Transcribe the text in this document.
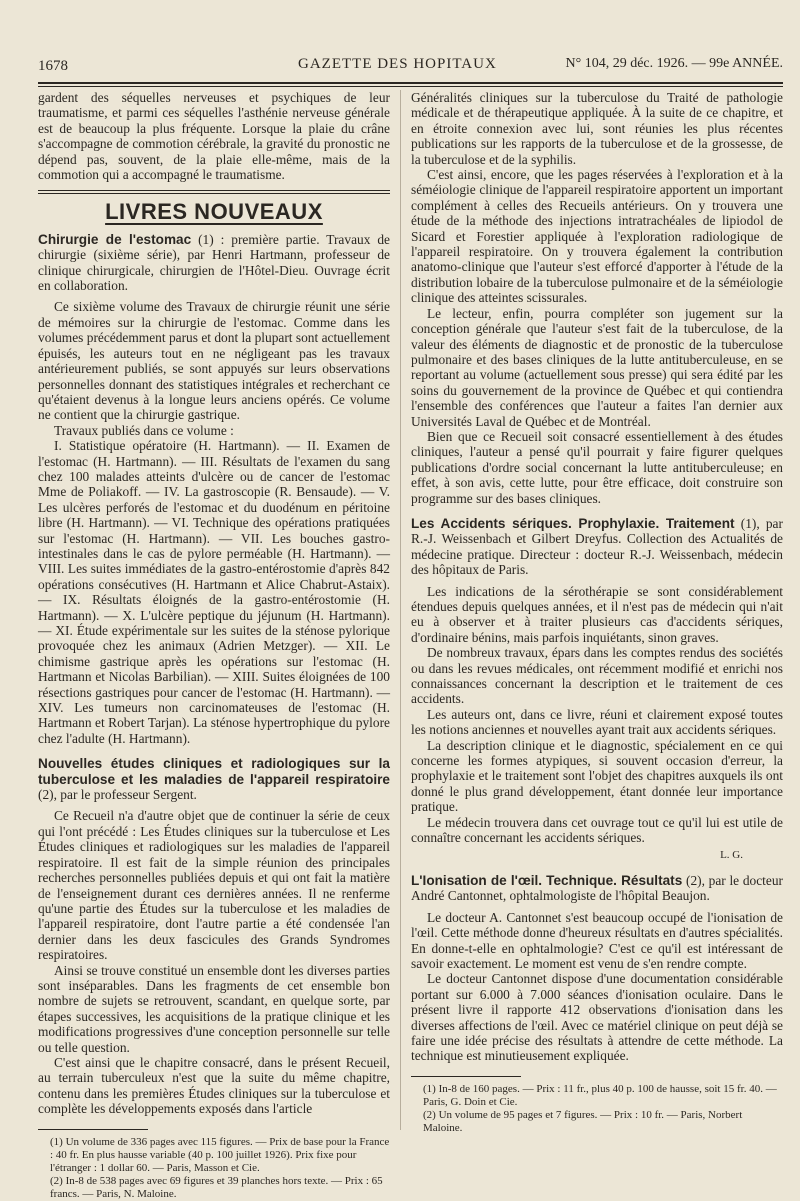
1678	GAZETTE DES HOPITAUX	N° 104, 29 déc. 1926. — 99e ANNÉE.

gardent des séquelles nerveuses et psychiques de leur traumatisme, et parmi ces séquelles l'asthénie nerveuse générale est de beaucoup la plus fréquente. Lorsque la plaie du crâne s'accompagne de commotion cérébrale, la gravité du pronostic ne dépend pas, souvent, de la plaie elle-même, mais de la commotion qui a accompagné le traumatisme.

LIVRES NOUVEAUX

Chirurgie de l'estomac (1) : première partie. Travaux de chirurgie (sixième série), par Henri Hartmann, professeur de clinique chirurgicale, chirurgien de l'Hôtel-Dieu. Ouvrage écrit en collaboration.

Ce sixième volume des Travaux de chirurgie réunit une série de mémoires sur la chirurgie de l'estomac. Comme dans les volumes précédemment parus et dont la plupart sont actuellement épuisés, les auteurs tout en ne négligeant pas les travaux antérieurement publiés, se sont appuyés sur leurs observations personnelles donnant des statistiques intégrales et recherchant ce qu'étaient devenus à la longue leurs anciens opérés. Ce volume ne contient que la chirurgie gastrique.

Travaux publiés dans ce volume :

I. Statistique opératoire (H. Hartmann). — II. Examen de l'estomac (H. Hartmann). — III. Résultats de l'examen du sang chez 100 malades atteints d'ulcère ou de cancer de l'estomac Mme de Poliakoff. — IV. La gastroscopie (R. Bensaude). — V. Les ulcères perforés de l'estomac et du duodénum en péritoine libre (H. Hartmann). — VI. Technique des opérations pratiquées sur l'estomac (H. Hartmann). — VII. Les bouches gastro-intestinales dans le cas de pylore perméable (H. Hartmann). — VIII. Les suites immédiates de la gastro-entérostomie d'après 842 opérations consécutives (H. Hartmann et Alice Chabrut-Astaix). — IX. Résultats éloignés de la gastro-entérostomie (H. Hartmann). — X. L'ulcère peptique du jéjunum (H. Hartmann). — XI. Étude expérimentale sur les suites de la sténose pylorique provoquée chez les animaux (Adrien Metzger). — XII. Le chimisme gastrique après les opérations sur l'estomac (H. Hartmann et Nicolas Barbilian). — XIII. Suites éloignées de 100 résections gastriques pour cancer de l'estomac (H. Hartmann). — XIV. Les tumeurs non carcinomateuses de l'estomac (H. Hartmann et Robert Tarjan). La sténose hypertrophique du pylore chez l'adulte (H. Hartmann).

Nouvelles études cliniques et radiologiques sur la tuberculose et les maladies de l'appareil respiratoire (2), par le professeur Sergent.

Ce Recueil n'a d'autre objet que de continuer la série de ceux qui l'ont précédé : Les Études cliniques sur la tuberculose et Les Études cliniques et radiologiques sur les maladies de l'appareil respiratoire. Il est fait de la simple réunion des principales recherches personnelles publiées depuis et qui ont fait la matière de l'enseignement durant ces dernières années. Il ne renferme qu'une partie des Études sur la tuberculose et les maladies de l'appareil respiratoire, dont l'autre partie a été condensée l'an dernier dans les deux fascicules des Grands Syndromes respiratoires.

Ainsi se trouve constitué un ensemble dont les diverses parties sont inséparables. Dans les fragments de cet ensemble bon nombre de sujets se retrouvent, scandant, en quelque sorte, par étapes successives, les acquisitions de la pratique clinique et les modifications progressives d'une conception personnelle sur telle ou telle question.

C'est ainsi que le chapitre consacré, dans le présent Recueil, au terrain tuberculeux n'est que la suite du même chapitre, contenu dans les premières Études cliniques sur la tuberculose et complète les développements exposés dans l'article

(1) Un volume de 336 pages avec 115 figures. — Prix de base pour la France : 40 fr. En plus hausse variable (40 p. 100 juillet 1926). Prix fixe pour l'étranger : 1 dollar 60. — Paris, Masson et Cie.
(2) In-8 de 538 pages avec 69 figures et 39 planches hors texte. — Prix : 65 francs. — Paris, N. Maloine.

Généralités cliniques sur la tuberculose du Traité de pathologie médicale et de thérapeutique appliquée. À la suite de ce chapitre, et en étroite connexion avec lui, sont réunies les plus récentes publications sur les rapports de la tuberculose et de la grossesse, de la tuberculose et de la syphilis.

C'est ainsi, encore, que les pages réservées à l'exploration et à la séméiologie clinique de l'appareil respiratoire apportent un important complément à celles des Recueils antérieurs. On y trouvera une étude de la méthode des injections intratrachéales de lipiodol de Sicard et Forestier appliquée à l'exploration radiologique de l'appareil respiratoire. On y trouvera également la contribution anatomo-clinique que l'auteur s'est efforcé d'apporter à l'étude de la distribution lobaire de la tuberculose pulmonaire et de la séméiologie clinique des atteintes scissurales.

Le lecteur, enfin, pourra compléter son jugement sur la conception générale que l'auteur s'est fait de la tuberculose, de la valeur des éléments de diagnostic et de pronostic de la tuberculose pulmonaire et des bases cliniques de la lutte antituberculeuse, en se reportant au volume (actuellement sous presse) qui sera édité par les soins du gouvernement de la province de Québec et qui contiendra l'ensemble des conférences que l'auteur a faites l'an dernier aux Universités Laval de Québec et de Montréal.

Bien que ce Recueil soit consacré essentiellement à des études cliniques, l'auteur a pensé qu'il pourrait y faire figurer quelques publications d'ordre social concernant la lutte antituberculeuse; en effet, à son avis, cette lutte, pour être efficace, doit construire son programme sur des bases cliniques.

Les Accidents sériques. Prophylaxie. Traitement (1), par R.-J. Weissenbach et Gilbert Dreyfus. Collection des Actualités de médecine pratique. Directeur : docteur R.-J. Weissenbach, médecin des hôpitaux de Paris.

Les indications de la sérothérapie se sont considérablement étendues depuis quelques années, et il n'est pas de médecin qui n'ait eu à observer et à traiter plusieurs cas d'accidents sériques, d'ordinaire bénins, mais parfois inquiétants, sinon graves.

De nombreux travaux, épars dans les comptes rendus des sociétés ou dans les revues médicales, ont récemment modifié et enrichi nos connaissances concernant la description et le traitement de ces accidents.

Les auteurs ont, dans ce livre, réuni et clairement exposé toutes les notions anciennes et nouvelles ayant trait aux accidents sériques.

La description clinique et le diagnostic, spécialement en ce qui concerne les formes atypiques, si souvent occasion d'erreur, la prophylaxie et le traitement sont l'objet des chapitres auxquels ils ont donné le plus grand développement, étant donnée leur importance pratique.

Le médecin trouvera dans cet ouvrage tout ce qu'il lui est utile de connaître concernant les accidents sériques.

L. G.

L'Ionisation de l'œil. Technique. Résultats (2), par le docteur André Cantonnet, ophtalmologiste de l'hôpital Beaujon.

Le docteur A. Cantonnet s'est beaucoup occupé de l'ionisation de l'œil. Cette méthode donne d'heureux résultats en d'autres spécialités. En donne-t-elle en ophtalmologie? C'est ce qu'il est intéressant de savoir exactement. Le moment est venu de s'en rendre compte.

Le docteur Cantonnet dispose d'une documentation considérable portant sur 6.000 à 7.000 séances d'ionisation oculaire. Dans le présent livre il rapporte 412 observations d'ionisation dans les diverses affections de l'œil. Avec ce matériel clinique on peut déjà se faire une idée précise des résultats à attendre de cette méthode. La technique est minutieusement expliquée.

(1) In-8 de 160 pages. — Prix : 11 fr., plus 40 p. 100 de hausse, soit 15 fr. 40. — Paris, G. Doin et Cie.
(2) Un volume de 95 pages et 7 figures. — Prix : 10 fr. — Paris, Norbert Maloine.
